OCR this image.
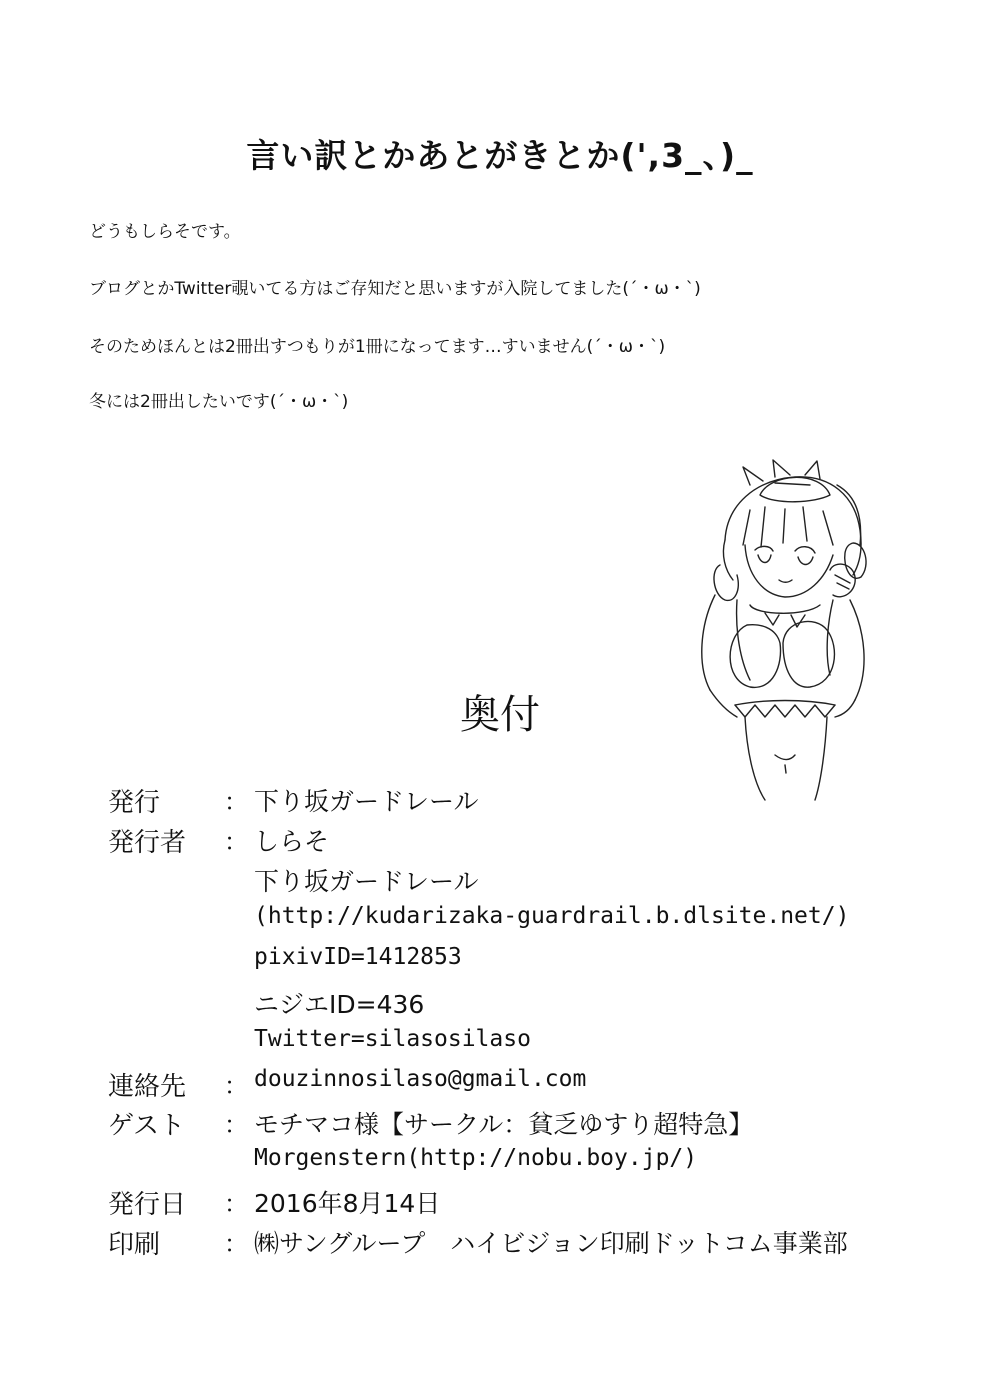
言い訳とかあとがきとか(',3_、)_
どうもしらそです。
ブログとかTwitter覗いてる方はご存知だと思いますが入院してました(´・ω・`)
そのためほんとは2冊出すつもりが1冊になってます…すいません(´・ω・`)
冬には2冊出したいです(´・ω・`)
奥付
発行	： 下り坂ガードレール
発行者 ： しらそ
下り坂ガードレール
(http://kudarizaka-guardrail.b.dlsite.net/)
pixivID=1412853
ニジエID=436
Twitter=silasosilaso
連絡先 ： douzinnosilaso@gmail.com
ゲスト ： モチマコ様【サークル：貧乏ゆすり超特急】
Morgenstern(http://nobu.boy.jp/)
発行日 ： 2016年8月14日
印刷	： ㈱サングループ　ハイビジョン印刷ドットコム事業部
